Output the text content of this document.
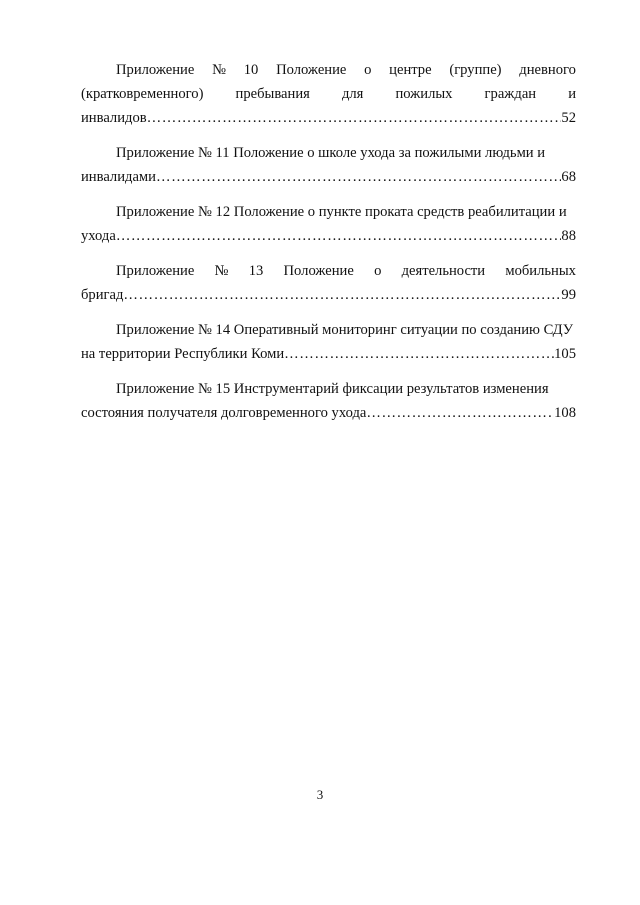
Приложение № 10 Положение о центре (группе) дневного
(кратковременного) пребывания для пожилых граждан и
инвалидов ………………………………………………………………………………………………………………………………………………………………………………………	52
Приложение № 11 Положение о школе ухода за пожилыми людьми и
инвалидами ………………………………………………………………………………………………………………………………………………………………………………………	68
Приложение № 12 Положение о пункте проката средств реабилитации и
ухода ………………………………………………………………………………………………………………………………………………………………………………………	88
Приложение № 13 Положение о деятельности мобильных
бригад ………………………………………………………………………………………………………………………………………………………………………………………	99
Приложение № 14 Оперативный мониторинг ситуации по созданию СДУ
на территории Республики Коми ………………………………………………………………………………………………………………………………………………………………………………………	105
Приложение № 15 Инструментарий фиксации результатов изменения
состояния получателя долговременного ухода ………………………………………………………………………………………………………………………………………………………………………………………	108
3
